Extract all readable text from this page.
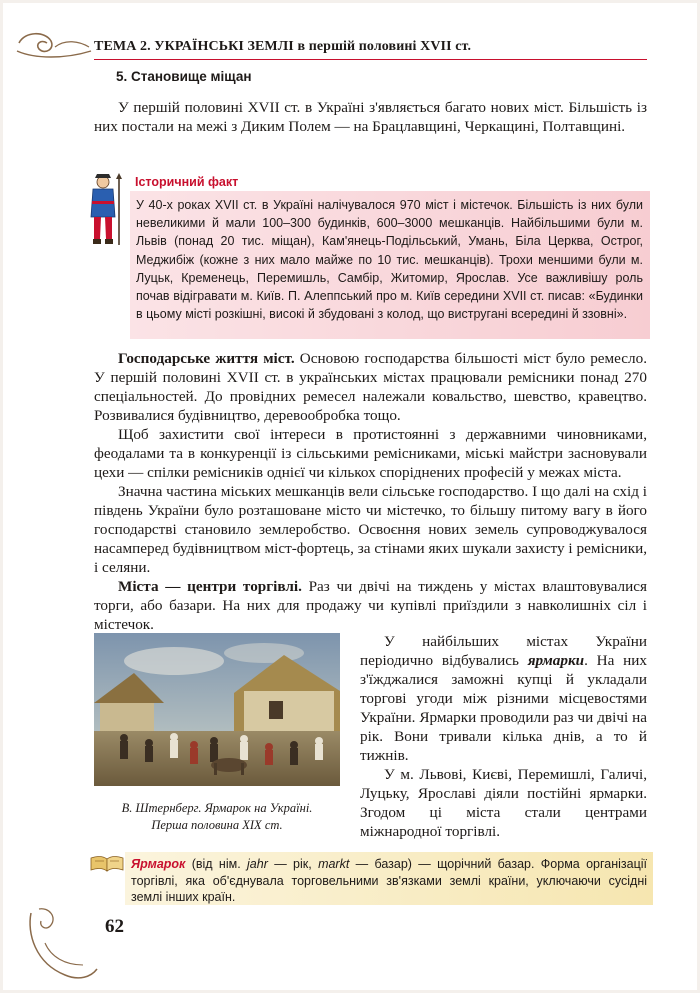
ТЕМА 2. УКРАЇНСЬКІ ЗЕМЛІ в першій половині XVII ст.
5. Становище міщан

У першій половині XVII ст. в Україні з'являється багато нових міст. Більшість із них постали на межі з Диким Полем — на Брацлавщині, Черкащині, Полтавщині.

Історичний факт

У 40-х роках XVII ст. в Україні налічувалося 970 міст і містечок. Більшість із них були невеликими й мали 100–300 будинків, 600–3000 мешканців. Найбільшими були м. Львів (понад 20 тис. міщан), Кам'янець-Подільський, Умань, Біла Церква, Острог, Меджибіж (кожне з них мало майже по 10 тис. мешканців). Трохи меншими були м. Луцьк, Кременець, Перемишль, Самбір, Житомир, Ярослав. Усе важливішу роль почав відігравати м. Київ. П. Алеппський про м. Київ середини XVII ст. писав: «Будинки в цьому місті розкішні, високі й збудовані з колод, що вистругані всередині й ззовні».

Господарське життя міст. Основою господарства більшості міст було ремесло. У першій половині XVII ст. в українських містах працювали ремісники понад 270 спеціальностей. До провідних ремесел належали ковальство, шевство, кравецтво. Розвивалися будівництво, деревообробка тощо.

Щоб захистити свої інтереси в протистоянні з державними чиновниками, феодалами та в конкуренції із сільськими ремісниками, міські майстри засновували цехи — спілки ремісників однієї чи кількох споріднених професій у межах міста.

Значна частина міських мешканців вели сільське господарство. І що далі на схід і південь України було розташоване місто чи містечко, то більшу питому вагу в його господарстві становило землеробство. Освоєння нових земель супроводжувалося насамперед будівництвом міст-фортець, за стінами яких шукали захисту і ремісники, і селяни.

Міста — центри торгівлі. Раз чи двічі на тиждень у містах влаштовувалися торги, або базари. На них для продажу чи купівлі приїздили з навколишніх сіл і містечок.

В. Штернберг. Ярмарок на Україні.
Перша половина XIX ст.

У найбільших містах України періодично відбувались ярмарки. На них з'їжджалися заможні купці й укладали торгові угоди між різними місцевостями України. Ярмарки проводили раз чи двічі на рік. Вони тривали кілька днів, а то й тижнів.

У м. Львові, Києві, Перемишлі, Галичі, Луцьку, Ярославі діяли постійні ярмарки. Згодом ці міста стали центрами міжнародної торгівлі.

Ярмарок (від нім. jahr — рік, markt — базар) — щорічний базар. Форма організації торгівлі, яка об'єднувала торговельними зв'язками землі країни, уключаючи сусідні землі інших країн.

62
